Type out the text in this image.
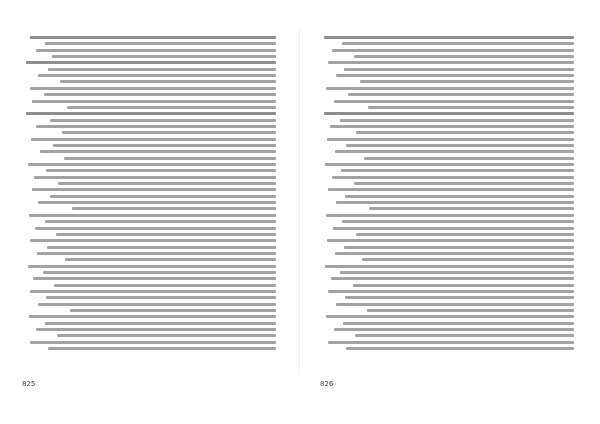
825	826
